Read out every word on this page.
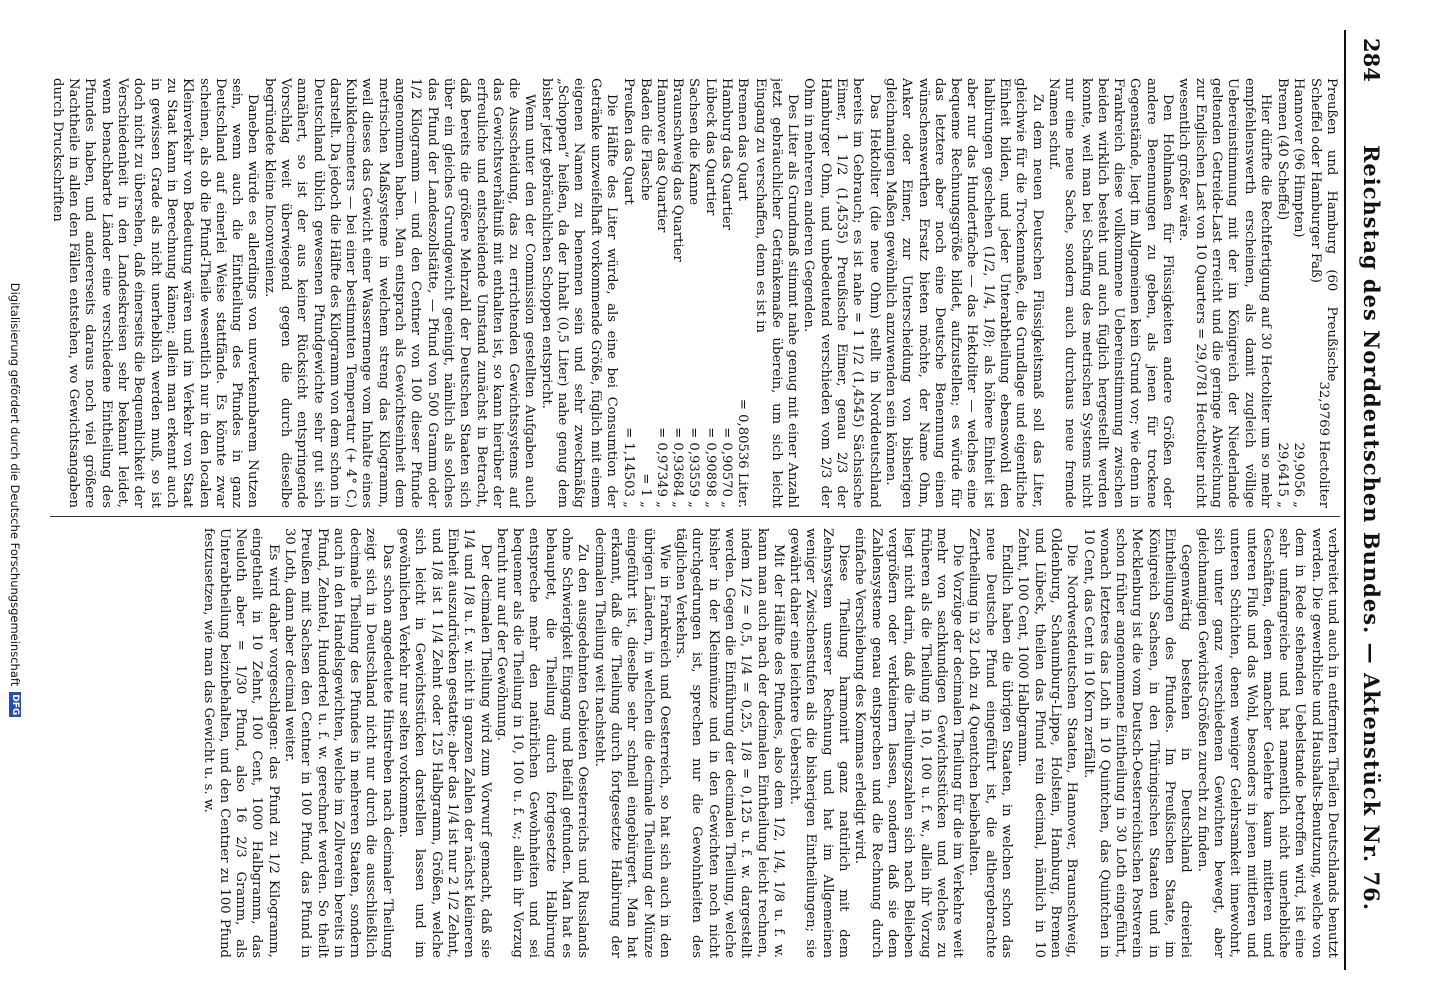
284
Reichstag des Norddeutschen Bundes. — Aktenstück Nr. 76.
Preußen und Hamburg (60 Preußische Scheffel oder Hamburger Faß)	32,9769 Hectoliter
Hannover (96 Himpten)	29,9056 „
Bremen (40 Scheffel)	29,6415 „

Hier dürfte die Rechtfertigung auf 30 Hectoliter um so mehr empfehlenswerth erscheinen, als damit zugleich völlige Uebereinstimmung mit der im Königreich der Niederlande geltenden Getreide-Last erreicht und die geringe Abweichung zur Englischen Last von 10 Quarters = 29,0781 Hectoliter nicht wesentlich größer wäre.

Den Hohlmaßen für Flüssigkeiten andere Größen oder andere Benennungen zu geben, als jenen für trockene Gegenstände, liegt im Allgemeinen kein Grund vor; wie denn in Frankreich diese vollkommene Uebereinstimmung zwischen beiden wirklich besteht und auch füglich hergestellt werden konnte, weil man bei Schaffung des metrischen Systems nicht nur eine neue Sache, sondern auch durchaus neue fremde Namen schuf.

Zu dem neuen Deutschen Flüssigkeitsmaß soll das Liter, gleichwie für die Trockenmaße, die Grundlage und eigentliche Einheit bilden, und jeder Unterabtheilung ebensowohl den halbirungen geschehen (1/2, 1/4, 1/8); als höhere Einheit ist aber nur das Hundertfache — das Hektoliter — welches eine bequeme Rechnungsgröße bildet, aufzustellen; es würde für das letztere aber noch eine Deutsche Benennung einen wünschenswerthen Ersatz bieten möchte, der Name Ohm, Anker oder Eimer, zur Unterscheidung von bisherigen gleichnamigen Maßen gewöhnlich anzuwenden sein können.

Das Hektoliter (die neue Ohm) stellt in Norddeutschland bereits im Gebrauch; es ist nahe = 1 1/2 (1,4545) Sächsische Eimer, 1 1/2 (1,4535) Preußische Eimer, genau 2/3 der Hamburger Ohm, und unbedeutend verschieden vom 2/3 der Ohm in mehreren anderen Gegenden.

Des Liter als Grundmaß stimmt nahe genug mit einer Anzahl jetzt gebräuchlicher Getränkemaße überein, um sich leicht Eingang zu verschaffen, denn es ist in

Bremen das Quart	= 0,80536 Liter.
Hamburg das Quartier	= 0,90570 „
Lübeck das Quartier	= 0,90898 „
Sachsen die Kanne	= 0,93559 „
Braunschweig das Quartier	= 0,93684 „
Hannover das Quartier	= 0,97349 „
Baden die Flasche	= 1 „
Preußen das Quart	= 1,14503 „

Die Hälfte des Liter würde, als eine bei Consumtion der Getränke unzweifelhaft vorkommende Größe, füglich mit einem eigenen Namen zu benennen sein und sehr zweckmäßig „Schoppen“ heißen, da der Inhalt (0,5 Liter) nahe genug dem bisher jetzt gebräuchlichen Schoppen entspricht.

Wenn unter den der Commission gestellten Aufgaben auch die Ausscheidung, das zu errichtenden Gewichtssystems auf das Gewichtsverhältniß mit enthalten ist, so kann hierüber der erfreuliche und entscheidende Umstand zunächst in Betracht, daß bereits die größere Mehrzahl der Deutschen Staaten sich über ein gleiches Grundgewicht geeinigt, nämlich als solches das Pfund der Landeszollstätte, — Pfund von 500 Gramm oder 1/2 Kilogramm — und den Centner von 100 dieser Pfunde angenommen haben. Man entsprach als Gewichtseinheit dem metrischen Maßsysteme in welchem streng das Kilogramm, weil dieses das Gewicht einer Wassermenge vom Inhalte eines Kubikdecimeters — bei einer bestimmten Temperatur (+ 4° C.) darstellt. Da jedoch die Hälfte des Kilogramm von dem schon in Deutschland üblich gewesenen Pfundgewichte sehr gut sich annähert, so ist der aus keiner Rücksicht entspringende Vorschlag weit überwiegend gegen die durch dieselbe begründete kleine Inconvenienz.

Daneben würde es allerdings von unverkennbarem Nutzen sein, wenn auch die Eintheilung des Pfundes in ganz Deutschland auf einerlei Weise stattfände. Es könnte zwar scheinen, als ob die Pfund-Theile wesentlich nur in den localen Kleinverkehr von Bedeutung wären und im Verkehr von Staat zu Staat kann in Berechnung kämen; allein man erkennt auch in gewissen Grade als nicht unerheblich werden muß, so ist doch nicht zu übersehen, daß einerseits die Bequemlichkeit der Verschiedenheit in den Landeskreisen sehr bekannt leidet, wenn benachbarte Länder eine verschiedene Eintheilung des Pfundes haben, und andererseits daraus noch viel größere Nachtheile in allen den Fällen entstehen, wo Gewichtsangaben durch Druckschriften

verbreitet und auch in entfernten Theilen Deutschlands benutzt werden. Die gewerbliche und Haushalts-Benutzung, welche von dem in Rede stehenden Uebelstande betroffen wird, ist eine sehr umfangreiche und hat namentlich nicht unerhebliche Geschäften, denen mancher Gelehrte kaum mittleren und unteren Fluß und das Wohl, besonders in jenen mittleren und unteren Schichten, denen weniger Gelehrsamkeit innewohnt, sich unter ganz verschiedenen Gewichten bewegt, aber gleichnamigen Gewichts-Größen zurecht zu finden.

Gegenwärtig bestehen in Deutschland dreierlei Eintheilungen des Pfundes. Im Preußischen Staate, im Königreich Sachsen, in den Thüringischen Staaten und in Mecklenburg ist die vom Deutsch-Oesterreichischen Postverein schon früher angenommene Eintheilung in 30 Loth eingeführt, wonach letzteres das Loth in 10 Quintchen, das Quintchen in 10 Cent, das Cent in 10 Korn zerfällt.

Die Nordwestdeutschen Staaten, Hannover, Braunschweig, Oldenburg, Schaumburg-Lippe, Holstein, Hamburg, Bremen und Lübeck, theilen das Pfund rein decimal, nämlich in 10 Zehnt, 100 Cent, 1000 Halbgramm.

Endlich haben die übrigen Staaten, in welchen schon das neue Deutsche Pfund eingeführt ist, die althergebrachte Zertheilung in 32 Loth zu 4 Quentchen beibehalten.

Die Vorzüge der decimalen Theilung für die im Verkehre weit mehr von sachkundigen Gewichtsstücken und welches zu früheren als die Theilung in 10, 100 u. f. w., allein ihr Vorzug liegt nicht darin, daß die Theilungszahlen sich nach Belieben vergrößern oder verkleinern lassen, sondern daß sie dem Zahlensysteme genau entsprechen und die Rechnung durch einfache Verschiebung des Kommas erledigt wird.

Diese Theilung harmonirt ganz natürlich mit dem Zehnsystem unserer Rechnung und hat im Allgemeinen weniger Zwischenstufen als die bisherigen Eintheilungen; sie gewährt daher eine leichtere Uebersicht.

Mit der Hälfte des Pfundes, also dem 1/2, 1/4, 1/8 u. f. w. kann man auch nach der decimalen Eintheilung leicht rechnen, indem 1/2 = 0,5, 1/4 = 0,25, 1/8 = 0,125 u. f. w. dargestellt werden. Gegen die Einführung der decimalen Theilung, welche bisher in der Kleinmünze und in den Gewichten noch nicht durchgedrungen ist, sprechen nur die Gewohnheiten des täglichen Verkehrs.

Wie in Frankreich und Oesterreich, so hat sich auch in den übrigen Ländern, in welchen die decimale Theilung der Münze eingeführt ist, dieselbe sehr schnell eingebürgert. Man hat erkannt, daß die Theilung durch fortgesetzte Halbirung der decimalen Theilung weit nachsteht.

Zu den ausgedehnten Gebieten Oesterreichs und Russlands ohne Schwierigkeit Eingang und Beifall gefunden. Man hat es behauptet, die Theilung durch fortgesetzte Halbirung entspreche mehr den natürlichen Gewohnheiten und sei bequemer als die Theilung in 10, 100 u. f. w.; allein ihr Vorzug beruht nur auf der Gewöhnung.

Der decimalen Theilung wird zum Vorwurf gemacht, daß sie 1/4 und 1/8 u. f. w. nicht in ganzen Zahlen der nächst kleineren Einheit auszudrücken gestatte; aber das 1/4 ist nur 2 1/2 Zehnt, und 1/8 ist 1 1/4 Zehnt oder 125 Halbgramm, Größen, welche sich leicht in Gewichtsstücken darstellen lassen und im gewöhnlichen Verkehr nur selten vorkommen.

Das schon angedeutete Hinstreben nach decimaler Theilung zeigt sich in Deutschland nicht nur durch die ausschließlich decimale Theilung des Pfundes in mehreren Staaten, sondern auch in den Handelsgewichten, welche im Zollverein bereits in Pfund, Zehntel, Hundertel u. f. w. gerechnet werden. So theilt Preußen mit Sachsen den Centner in 100 Pfund, das Pfund in 30 Loth, dann aber decimal weiter.

Es wird daher vorgeschlagen: das Pfund zu 1/2 Kilogramm, eingetheilt in 10 Zehnt, 100 Cent, 1000 Halbgramm, das Neuloth aber = 1/30 Pfund, also 16 2/3 Gramm, als Unterabtheilung beizubehalten, und den Centner zu 100 Pfund festzusetzen, wie man das Gewicht u. s. w.

Digitalisierung gefördert durch die Deutsche Forschungsgemeinschaft
DFG
